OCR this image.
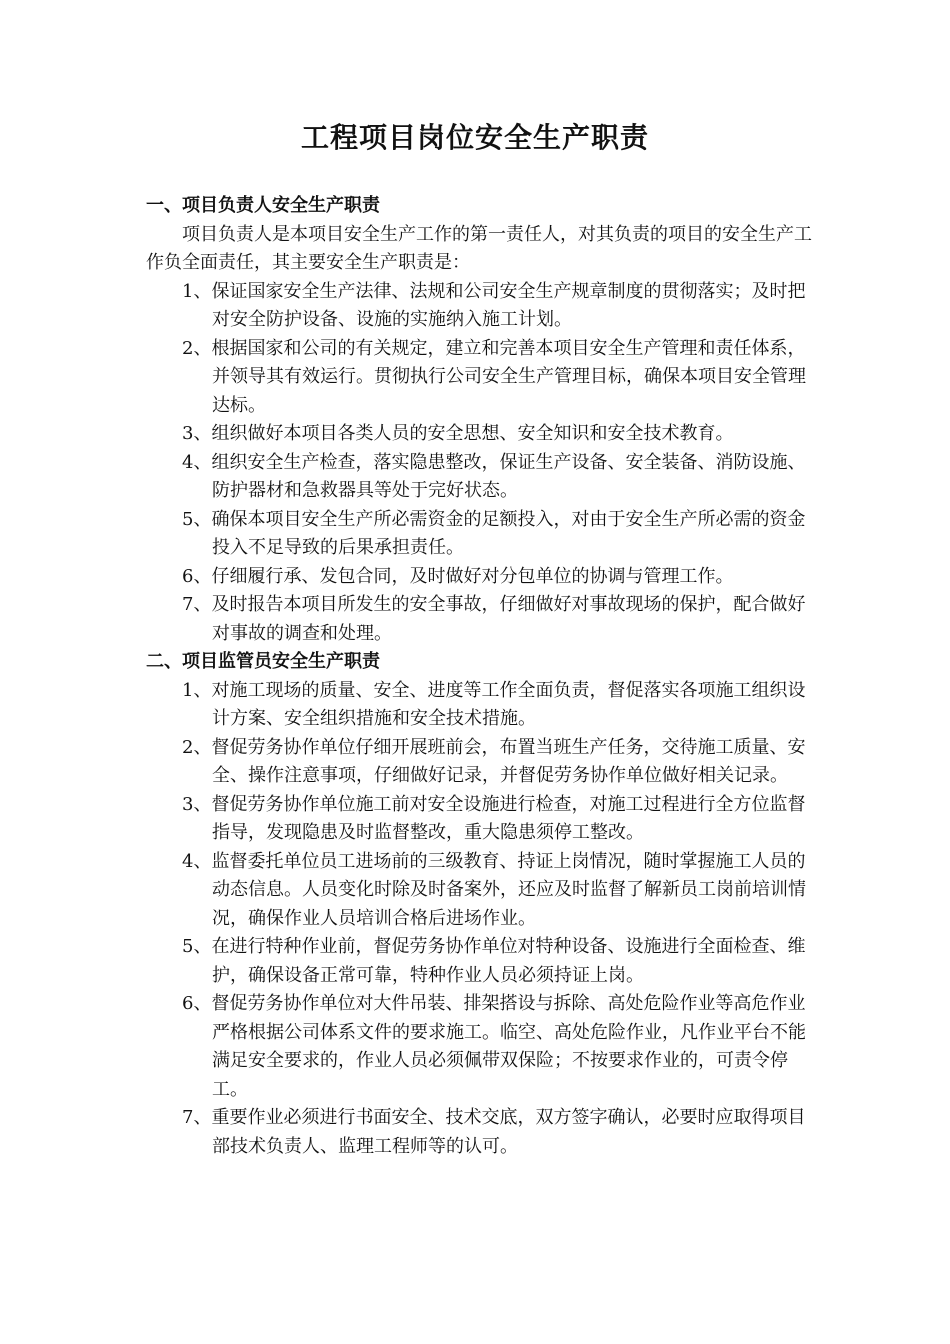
工程项目岗位安全生产职责
一、项目负责人安全生产职责
项目负责人是本项目安全生产工作的第一责任人，对其负责的项目的安全生产工作负全面责任，其主要安全生产职责是：
1、保证国家安全生产法律、法规和公司安全生产规章制度的贯彻落实；及时把对安全防护设备、设施的实施纳入施工计划。
2、根据国家和公司的有关规定，建立和完善本项目安全生产管理和责任体系，并领导其有效运行。贯彻执行公司安全生产管理目标，确保本项目安全管理达标。
3、组织做好本项目各类人员的安全思想、安全知识和安全技术教育。
4、组织安全生产检查，落实隐患整改，保证生产设备、安全装备、消防设施、防护器材和急救器具等处于完好状态。
5、确保本项目安全生产所必需资金的足额投入，对由于安全生产所必需的资金投入不足导致的后果承担责任。
6、仔细履行承、发包合同，及时做好对分包单位的协调与管理工作。
7、及时报告本项目所发生的安全事故，仔细做好对事故现场的保护，配合做好对事故的调查和处理。
二、项目监管员安全生产职责
1、对施工现场的质量、安全、进度等工作全面负责，督促落实各项施工组织设计方案、安全组织措施和安全技术措施。
2、督促劳务协作单位仔细开展班前会，布置当班生产任务，交待施工质量、安全、操作注意事项，仔细做好记录，并督促劳务协作单位做好相关记录。
3、督促劳务协作单位施工前对安全设施进行检查，对施工过程进行全方位监督指导，发现隐患及时监督整改，重大隐患须停工整改。
4、监督委托单位员工进场前的三级教育、持证上岗情况，随时掌握施工人员的动态信息。人员变化时除及时备案外，还应及时监督了解新员工岗前培训情况，确保作业人员培训合格后进场作业。
5、在进行特种作业前，督促劳务协作单位对特种设备、设施进行全面检查、维护，确保设备正常可靠，特种作业人员必须持证上岗。
6、督促劳务协作单位对大件吊装、排架搭设与拆除、高处危险作业等高危作业严格根据公司体系文件的要求施工。临空、高处危险作业，凡作业平台不能满足安全要求的，作业人员必须佩带双保险；不按要求作业的，可责令停工。
7、重要作业必须进行书面安全、技术交底，双方签字确认，必要时应取得项目部技术负责人、监理工程师等的认可。
